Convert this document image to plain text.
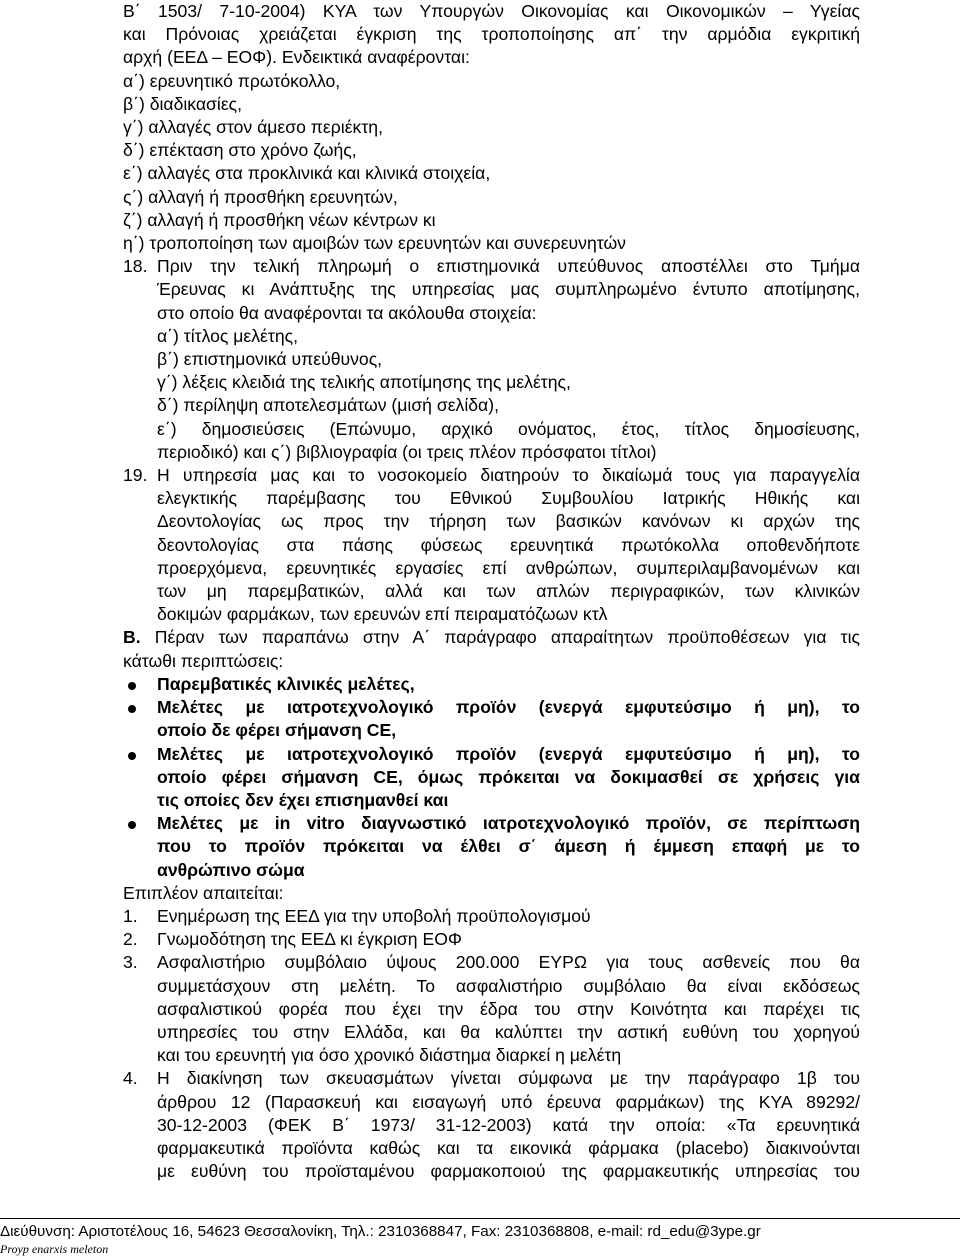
Β΄ 1503/ 7-10-2004) ΚΥΑ των Υπουργών Οικονομίας και Οικονομικών – Υγείας
και Πρόνοιας χρειάζεται έγκριση της τροποποίησης απ΄ την αρμόδια εγκριτική
αρχή (ΕΕΔ – ΕΟΦ). Ενδεικτικά αναφέρονται:
α΄) ερευνητικό πρωτόκολλο,
β΄) διαδικασίες,
γ΄) αλλαγές στον άμεσο περιέκτη,
δ΄) επέκταση στο χρόνο ζωής,
ε΄) αλλαγές στα προκλινικά και κλινικά στοιχεία,
ς΄) αλλαγή ή προσθήκη ερευνητών,
ζ΄) αλλαγή ή προσθήκη νέων κέντρων κι
η΄) τροποποίηση των αμοιβών των ερευνητών και συνερευνητών
18. Πριν την τελική πληρωμή ο επιστημονικά υπεύθυνος αποστέλλει στο Τμήμα
Έρευνας κι Ανάπτυξης της υπηρεσίας μας συμπληρωμένο έντυπο αποτίμησης,
στο οποίο θα αναφέρονται τα ακόλουθα στοιχεία:
α΄) τίτλος μελέτης,
β΄) επιστημονικά υπεύθυνος,
γ΄) λέξεις κλειδιά της τελικής αποτίμησης της μελέτης,
δ΄) περίληψη αποτελεσμάτων (μισή σελίδα),
ε΄) δημοσιεύσεις (Επώνυμο, αρχικό ονόματος, έτος, τίτλος δημοσίευσης,
περιοδικό) και ς΄) βιβλιογραφία (οι τρεις πλέον πρόσφατοι τίτλοι)
19. Η υπηρεσία μας και το νοσοκομείο διατηρούν το δικαίωμά τους για παραγγελία
ελεγκτικής παρέμβασης του Εθνικού Συμβουλίου Ιατρικής Ηθικής και
Δεοντολογίας ως προς την τήρηση των βασικών κανόνων κι αρχών της
δεοντολογίας στα πάσης φύσεως ερευνητικά πρωτόκολλα οποθενδήποτε
προερχόμενα, ερευνητικές εργασίες επί ανθρώπων, συμπεριλαμβανομένων και
των μη παρεμβατικών, αλλά και των απλών περιγραφικών, των κλινικών
δοκιμών φαρμάκων, των ερευνών επί πειραματόζωων κτλ
Β. Πέραν των παραπάνω στην Α΄ παράγραφο απαραίτητων προϋποθέσεων για τις
κάτωθι περιπτώσεις:
Παρεμβατικές κλινικές μελέτες,
Μελέτες με ιατροτεχνολογικό προϊόν (ενεργά εμφυτεύσιμο ή μη), το
οποίο δε φέρει σήμανση CE,
Μελέτες με ιατροτεχνολογικό προϊόν (ενεργά εμφυτεύσιμο ή μη), το
οποίο φέρει σήμανση CE, όμως πρόκειται να δοκιμασθεί σε χρήσεις για
τις οποίες δεν έχει επισημανθεί και
Μελέτες με in vitro διαγνωστικό ιατροτεχνολογικό προϊόν, σε περίπτωση
που το προϊόν πρόκειται να έλθει σ΄ άμεση ή έμμεση επαφή με το
ανθρώπινο σώμα
Επιπλέον απαιτείται:
1. Ενημέρωση της ΕΕΔ για την υποβολή προϋπολογισμού
2. Γνωμοδότηση της ΕΕΔ κι έγκριση ΕΟΦ
3. Ασφαλιστήριο συμβόλαιο ύψους 200.000 ΕΥΡΩ για τους ασθενείς που θα
συμμετάσχουν στη μελέτη. Το ασφαλιστήριο συμβόλαιο θα είναι εκδόσεως
ασφαλιστικού φορέα που έχει την έδρα του στην Κοινότητα και παρέχει τις
υπηρεσίες του στην Ελλάδα, και θα καλύπτει την αστική ευθύνη του χορηγού
και του ερευνητή για όσο χρονικό διάστημα διαρκεί η μελέτη
4. Η διακίνηση των σκευασμάτων γίνεται σύμφωνα με την παράγραφο 1β του
άρθρου 12 (Παρασκευή και εισαγωγή υπό έρευνα φαρμάκων) της ΚΥΑ 89292/
30-12-2003 (ΦΕΚ Β΄ 1973/ 31-12-2003) κατά την οποία: «Τα ερευνητικά
φαρμακευτικά προϊόντα καθώς και τα εικονικά φάρμακα (placebo) διακινούνται
με ευθύνη του προϊσταμένου φαρμακοποιού της φαρμακευτικής υπηρεσίας του
Διεύθυνση: Αριστοτέλους 16, 54623 Θεσσαλονίκη, Τηλ.: 2310368847, Fax: 2310368808, e-mail: rd_edu@3ype.gr
Proyp enarxis meleton
